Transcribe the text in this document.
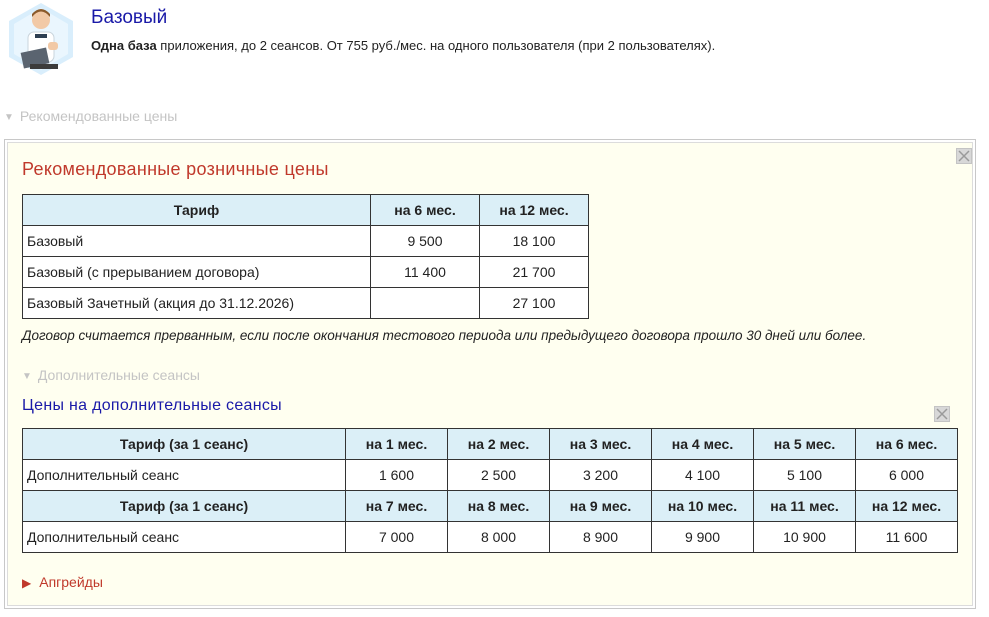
Базовый
Одна база приложения, до 2 сеансов. От 755 руб./мес. на одного пользователя (при 2 пользователях).
▼ Рекомендованные цены
Рекомендованные розничные цены
Тариф	на 6 мес.	на 12 мес.
Базовый	9 500	18 100
Базовый (с прерыванием договора)	11 400	21 700
Базовый Зачетный (акция до 31.12.2026)		27 100
Договор считается прерванным, если после окончания тестового периода или предыдущего договора прошло 30 дней или более.
▼ Дополнительные сеансы
Цены на дополнительные сеансы
Тариф (за 1 сеанс)	на 1 мес.	на 2 мес.	на 3 мес.	на 4 мес.	на 5 мес.	на 6 мес.
Дополнительный сеанс	1 600	2 500	3 200	4 100	5 100	6 000
Тариф (за 1 сеанс)	на 7 мес.	на 8 мес.	на 9 мес.	на 10 мес.	на 11 мес.	на 12 мес.
Дополнительный сеанс	7 000	8 000	8 900	9 900	10 900	11 600
▶ Апгрейды
